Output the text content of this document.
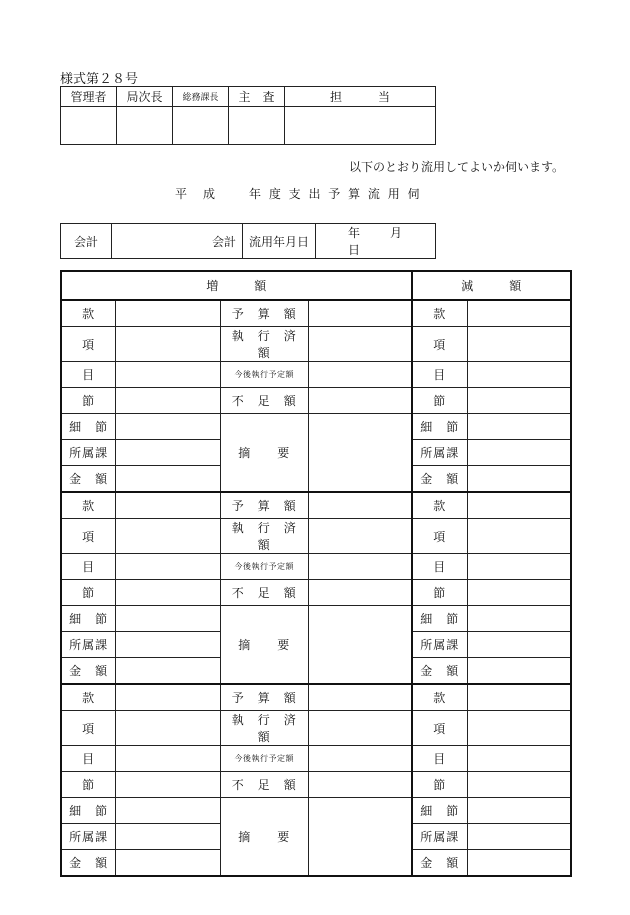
様式第２８号
管理者	局次長	総務課長	主　査	担　　　当

以下のとおり流用してよいか伺います。
平　成	年 度 支 出 予 算 流 用 伺
会計	会計	流用年月日	年	月日
増　　　額				減　　　額	
款		予　算　額		款	
項		執　行　済　額		項	
目		今後執行予定額		目	
節		不　足　額		節	
細　節		摘　　要		細　節	
所属課				所属課	
金　額				金　額	
款		予　算　額		款	
項		執　行　済　額		項	
目		今後執行予定額		目	
節		不　足　額		節	
細　節		摘　　要		細　節	
所属課				所属課	
金　額				金　額	
款		予　算　額		款	
項		執　行　済　額		項	
目		今後執行予定額		目	
節		不　足　額		節	
細　節		摘　　要		細　節	
所属課				所属課	
金　額				金　額	
